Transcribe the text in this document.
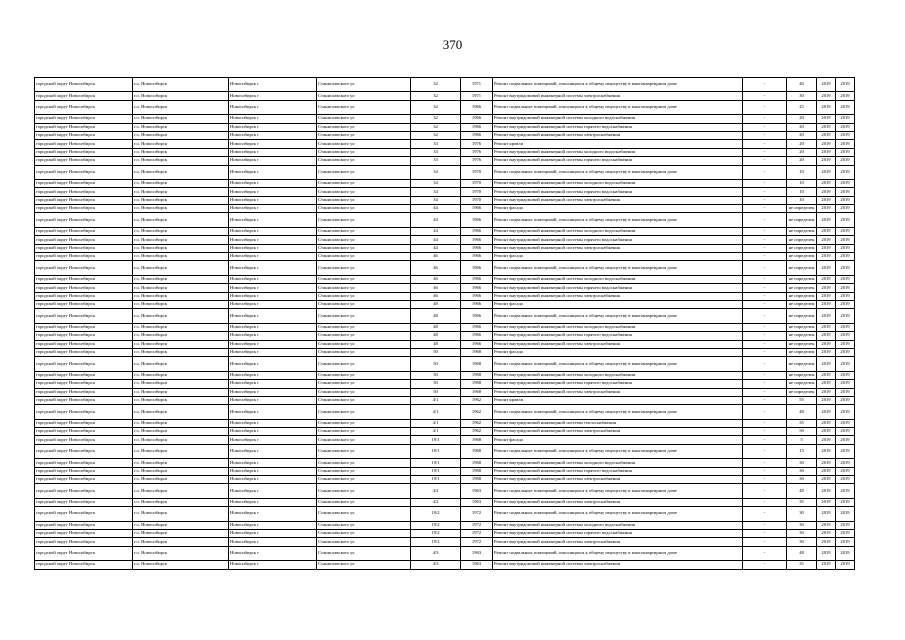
370
городской округ Новосибирск	г.о. Новосибирск	Новосибирск г	Станиславского ул	32	1971	Ремонт подвальных помещений, относящихся к общему имуществу в многоквартирном доме	-	40	2019	2019
городской округ Новосибирск	г.о. Новосибирск	Новосибирск г	Станиславского ул	32	1971	Ремонт внутридомовой инженерной системы электроснабжения	-	30	2019	2019
городской округ Новосибирск	г.о. Новосибирск	Новосибирск г	Станиславского ул	32	1966	Ремонт подвальных помещений, относящихся к общему имуществу в многоквартирном доме	-	25	2019	2019
городской округ Новосибирск	г.о. Новосибирск	Новосибирск г	Станиславского ул	32	1966	Ремонт внутридомовой инженерной системы холодного водоснабжения	-	20	2019	2019
городской округ Новосибирск	г.о. Новосибирск	Новосибирск г	Станиславского ул	32	1966	Ремонт внутридомовой инженерной системы горячего водоснабжения	-	20	2019	2019
городской округ Новосибирск	г.о. Новосибирск	Новосибирск г	Станиславского ул	32	1966	Ремонт внутридомовой инженерной системы электроснабжения	-	20	2019	2019
городской округ Новосибирск	г.о. Новосибирск	Новосибирск г	Станиславского ул	33	1976	Ремонт кровли	-	20	2019	2019
городской округ Новосибирск	г.о. Новосибирск	Новосибирск г	Станиславского ул	33	1976	Ремонт внутридомовой инженерной системы холодного водоснабжения	-	20	2019	2019
городской округ Новосибирск	г.о. Новосибирск	Новосибирск г	Станиславского ул	33	1976	Ремонт внутридомовой инженерной системы горячего водоснабжения	-	20	2019	2019
городской округ Новосибирск	г.о. Новосибирск	Новосибирск г	Станиславского ул	34	1970	Ремонт подвальных помещений, относящихся к общему имуществу в многоквартирном доме	-	10	2019	2019
городской округ Новосибирск	г.о. Новосибирск	Новосибирск г	Станиславского ул	34	1970	Ремонт внутридомовой инженерной системы холодного водоснабжения	-	10	2019	2019
городской округ Новосибирск	г.о. Новосибирск	Новосибирск г	Станиславского ул	34	1970	Ремонт внутридомовой инженерной системы горячего водоснабжения	-	10	2019	2019
городской округ Новосибирск	г.о. Новосибирск	Новосибирск г	Станиславского ул	34	1970	Ремонт внутридомовой инженерной системы электроснабжения	-	10	2019	2019
городской округ Новосибирск	г.о. Новосибирск	Новосибирск г	Станиславского ул	44	1966	Ремонт фасада	-	не определен	2019	2019
городской округ Новосибирск	г.о. Новосибирск	Новосибирск г	Станиславского ул	44	1966	Ремонт подвальных помещений, относящихся к общему имуществу в многоквартирном доме	-	не определен	2019	2019
городской округ Новосибирск	г.о. Новосибирск	Новосибирск г	Станиславского ул	44	1966	Ремонт внутридомовой инженерной системы холодного водоснабжения	-	не определен	2019	2019
городской округ Новосибирск	г.о. Новосибирск	Новосибирск г	Станиславского ул	44	1966	Ремонт внутридомовой инженерной системы горячего водоснабжения	-	не определен	2019	2019
городской округ Новосибирск	г.о. Новосибирск	Новосибирск г	Станиславского ул	44	1966	Ремонт внутридомовой инженерной системы электроснабжения	-	не определен	2019	2019
городской округ Новосибирск	г.о. Новосибирск	Новосибирск г	Станиславского ул	46	1966	Ремонт фасада	-	не определен	2019	2019
городской округ Новосибирск	г.о. Новосибирск	Новосибирск г	Станиславского ул	46	1966	Ремонт подвальных помещений, относящихся к общему имуществу в многоквартирном доме	-	не определен	2019	2019
городской округ Новосибирск	г.о. Новосибирск	Новосибирск г	Станиславского ул	46	1966	Ремонт внутридомовой инженерной системы холодного водоснабжения	-	не определен	2019	2019
городской округ Новосибирск	г.о. Новосибирск	Новосибирск г	Станиславского ул	46	1966	Ремонт внутридомовой инженерной системы горячего водоснабжения	-	не определен	2019	2019
городской округ Новосибирск	г.о. Новосибирск	Новосибирск г	Станиславского ул	46	1966	Ремонт внутридомовой инженерной системы электроснабжения	-	не определен	2019	2019
городской округ Новосибирск	г.о. Новосибирск	Новосибирск г	Станиславского ул	48	1966	Ремонт фасада	-	не определен	2019	2019
городской округ Новосибирск	г.о. Новосибирск	Новосибирск г	Станиславского ул	48	1966	Ремонт подвальных помещений, относящихся к общему имуществу в многоквартирном доме	-	не определен	2019	2019
городской округ Новосибирск	г.о. Новосибирск	Новосибирск г	Станиславского ул	48	1966	Ремонт внутридомовой инженерной системы холодного водоснабжения	-	не определен	2019	2019
городской округ Новосибирск	г.о. Новосибирск	Новосибирск г	Станиславского ул	48	1966	Ремонт внутридомовой инженерной системы горячего водоснабжения	-	не определен	2019	2019
городской округ Новосибирск	г.о. Новосибирск	Новосибирск г	Станиславского ул	48	1966	Ремонт внутридомовой инженерной системы электроснабжения	-	не определен	2019	2019
городской округ Новосибирск	г.о. Новосибирск	Новосибирск г	Станиславского ул	50	1968	Ремонт фасада	-	не определен	2019	2019
городской округ Новосибирск	г.о. Новосибирск	Новосибирск г	Станиславского ул	50	1968	Ремонт подвальных помещений, относящихся к общему имуществу в многоквартирном доме	-	не определен	2019	2019
городской округ Новосибирск	г.о. Новосибирск	Новосибирск г	Станиславского ул	50	1968	Ремонт внутридомовой инженерной системы холодного водоснабжения	-	не определен	2019	2019
городской округ Новосибирск	г.о. Новосибирск	Новосибирск г	Станиславского ул	50	1968	Ремонт внутридомовой инженерной системы горячего водоснабжения	-	не определен	2019	2019
городской округ Новосибирск	г.о. Новосибирск	Новосибирск г	Станиславского ул	50	1968	Ремонт внутридомовой инженерной системы электроснабжения	-	не определен	2019	2019
городской округ Новосибирск	г.о. Новосибирск	Новосибирск г	Станиславского ул	4/1	1962	Ремонт кровли	-	55	2019	2019
городской округ Новосибирск	г.о. Новосибирск	Новосибирск г	Станиславского ул	4/1	1962	Ремонт подвальных помещений, относящихся к общему имуществу в многоквартирном доме	-	48	2019	2019
городской округ Новосибирск	г.о. Новосибирск	Новосибирск г	Станиславского ул	4/1	1962	Ремонт внутридомовой инженерной системы теплоснабжения	-	35	2019	2019
городской округ Новосибирск	г.о. Новосибирск	Новосибирск г	Станиславского ул	4/1	1962	Ремонт внутридомовой инженерной системы электроснабжения	-	50	2019	2019
городской округ Новосибирск	г.о. Новосибирск	Новосибирск г	Станиславского ул	19/1	1968	Ремонт фасада	-	5	2019	2019
городской округ Новосибирск	г.о. Новосибирск	Новосибирск г	Станиславского ул	19/1	1968	Ремонт подвальных помещений, относящихся к общему имуществу в многоквартирном доме	-	15	2019	2019
городской округ Новосибирск	г.о. Новосибирск	Новосибирск г	Станиславского ул	19/1	1968	Ремонт внутридомовой инженерной системы холодного водоснабжения	-	30	2019	2019
городской округ Новосибирск	г.о. Новосибирск	Новосибирск г	Станиславского ул	19/1	1968	Ремонт внутридомовой инженерной системы горячего водоснабжения	-	30	2019	2019
городской округ Новосибирск	г.о. Новосибирск	Новосибирск г	Станиславского ул	19/1	1968	Ремонт внутридомовой инженерной системы электроснабжения	-	30	2019	2019
городской округ Новосибирск	г.о. Новосибирск	Новосибирск г	Станиславского ул	4/2	1963	Ремонт подвальных помещений, относящихся к общему имуществу в многоквартирном доме	-	48	2019	2019
городской округ Новосибирск	г.о. Новосибирск	Новосибирск г	Станиславского ул	4/2	1963	Ремонт внутридомовой инженерной системы электроснабжения	-	35	2019	2019
городской округ Новосибирск	г.о. Новосибирск	Новосибирск г	Станиславского ул	19/2	1972	Ремонт подвальных помещений, относящихся к общему имуществу в многоквартирном доме	-	30	2019	2019
городской округ Новосибирск	г.о. Новосибирск	Новосибирск г	Станиславского ул	19/2	1972	Ремонт внутридомовой инженерной системы холодного водоснабжения	-	30	2019	2019
городской округ Новосибирск	г.о. Новосибирск	Новосибирск г	Станиславского ул	19/2	1972	Ремонт внутридомовой инженерной системы горячего водоснабжения	-	30	2019	2019
городской округ Новосибирск	г.о. Новосибирск	Новосибирск г	Станиславского ул	19/2	1972	Ремонт внутридомовой инженерной системы электроснабжения	-	30	2019	2019
городской округ Новосибирск	г.о. Новосибирск	Новосибирск г	Станиславского ул	4/3	1963	Ремонт подвальных помещений, относящихся к общему имуществу в многоквартирном доме	-	48	2019	2019
городской округ Новосибирск	г.о. Новосибирск	Новосибирск г	Станиславского ул	4/3	1963	Ремонт внутридомовой инженерной системы электроснабжения	-	35	2019	2019
